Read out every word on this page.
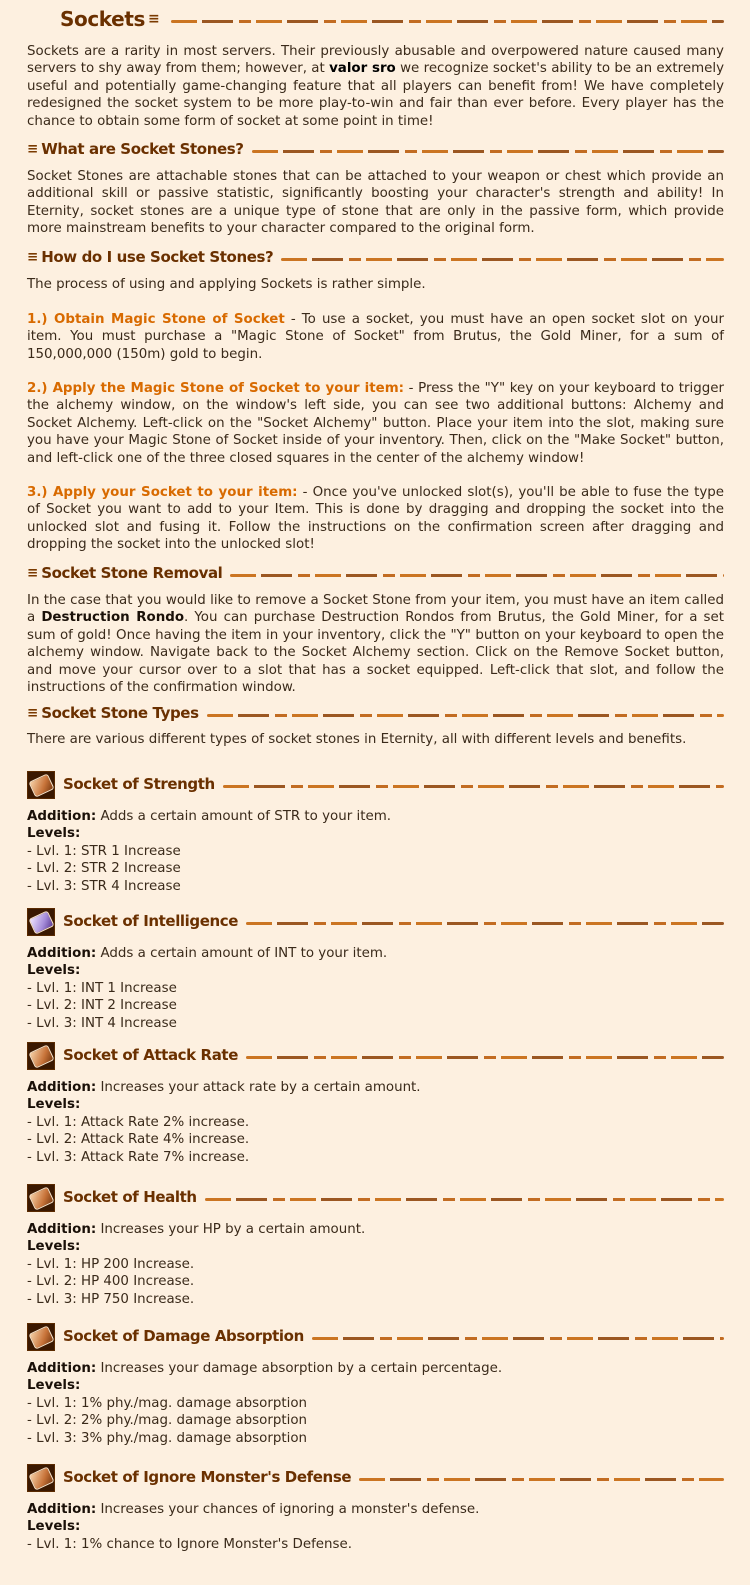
Sockets ≡

Sockets are a rarity in most servers. Their previously abusable and overpowered nature caused many servers to shy away from them; however, at valor sro we recognize socket's ability to be an extremely useful and potentially game-changing feature that all players can benefit from! We have completely redesigned the socket system to be more play-to-win and fair than ever before. Every player has the chance to obtain some form of socket at some point in time!

≡ What are Socket Stones?

Socket Stones are attachable stones that can be attached to your weapon or chest which provide an additional skill or passive statistic, significantly boosting your character's strength and ability! In Eternity, socket stones are a unique type of stone that are only in the passive form, which provide more mainstream benefits to your character compared to the original form.

≡ How do I use Socket Stones?

The process of using and applying Sockets is rather simple.

1.) Obtain Magic Stone of Socket - To use a socket, you must have an open socket slot on your item. You must purchase a "Magic Stone of Socket" from Brutus, the Gold Miner, for a sum of 150,000,000 (150m) gold to begin.

2.) Apply the Magic Stone of Socket to your item: - Press the "Y" key on your keyboard to trigger the alchemy window, on the window's left side, you can see two additional buttons: Alchemy and Socket Alchemy. Left-click on the "Socket Alchemy" button. Place your item into the slot, making sure you have your Magic Stone of Socket inside of your inventory. Then, click on the "Make Socket" button, and left-click one of the three closed squares in the center of the alchemy window!

3.) Apply your Socket to your item: - Once you've unlocked slot(s), you'll be able to fuse the type of Socket you want to add to your Item. This is done by dragging and dropping the socket into the unlocked slot and fusing it. Follow the instructions on the confirmation screen after dragging and dropping the socket into the unlocked slot!

≡ Socket Stone Removal

In the case that you would like to remove a Socket Stone from your item, you must have an item called a Destruction Rondo. You can purchase Destruction Rondos from Brutus, the Gold Miner, for a set sum of gold! Once having the item in your inventory, click the "Y" button on your keyboard to open the alchemy window. Navigate back to the Socket Alchemy section. Click on the Remove Socket button, and move your cursor over to a slot that has a socket equipped. Left-click that slot, and follow the instructions of the confirmation window.

≡ Socket Stone Types

There are various different types of socket stones in Eternity, all with different levels and benefits.

Socket of Strength
Addition: Adds a certain amount of STR to your item.
Levels:
- Lvl. 1: STR 1 Increase
- Lvl. 2: STR 2 Increase
- Lvl. 3: STR 4 Increase
Socket of Intelligence
Addition: Adds a certain amount of INT to your item.
Levels:
- Lvl. 1: INT 1 Increase
- Lvl. 2: INT 2 Increase
- Lvl. 3: INT 4 Increase
Socket of Attack Rate
Addition: Increases your attack rate by a certain amount.
Levels:
- Lvl. 1: Attack Rate 2% increase.
- Lvl. 2: Attack Rate 4% increase.
- Lvl. 3: Attack Rate 7% increase.
Socket of Health
Addition: Increases your HP by a certain amount.
Levels:
- Lvl. 1: HP 200 Increase.
- Lvl. 2: HP 400 Increase.
- Lvl. 3: HP 750 Increase.
Socket of Damage Absorption
Addition: Increases your damage absorption by a certain percentage.
Levels:
- Lvl. 1: 1% phy./mag. damage absorption
- Lvl. 2: 2% phy./mag. damage absorption
- Lvl. 3: 3% phy./mag. damage absorption
Socket of Ignore Monster's Defense
Addition: Increases your chances of ignoring a monster's defense.
Levels:
- Lvl. 1: 1% chance to Ignore Monster's Defense.
